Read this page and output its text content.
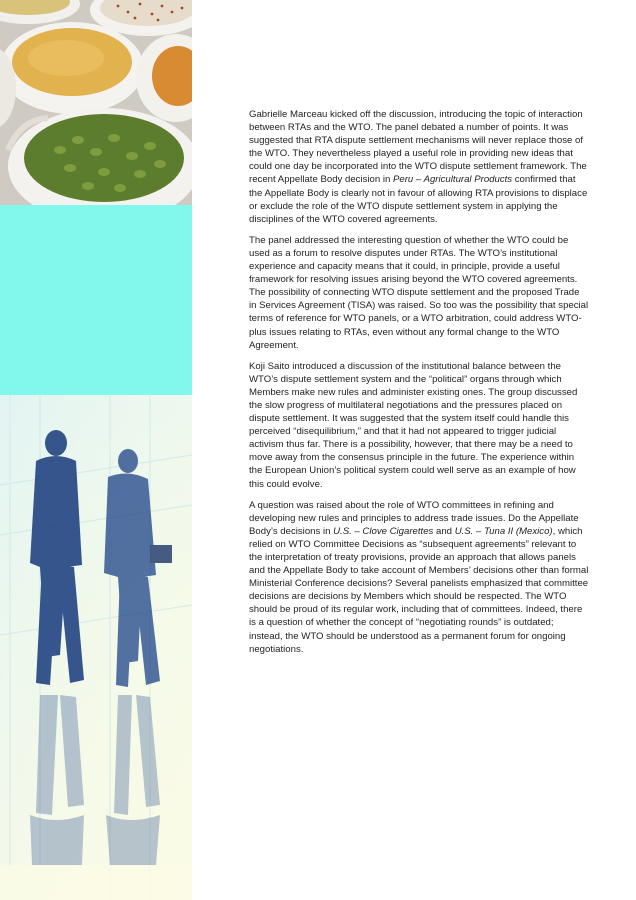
Gabrielle Marceau kicked off the discussion, introducing the topic of interaction between RTAs and the WTO. The panel debated a number of points. It was suggested that RTA dispute settlement mechanisms will never replace those of the WTO. They nevertheless played a useful role in providing new ideas that could one day be incorporated into the WTO dispute settlement framework. The recent Appellate Body decision in Peru – Agricultural Products confirmed that the Appellate Body is clearly not in favour of allowing RTA provisions to displace or exclude the role of the WTO dispute settlement system in applying the disciplines of the WTO covered agreements.

The panel addressed the interesting question of whether the WTO could be used as a forum to resolve disputes under RTAs. The WTO’s institutional experience and capacity means that it could, in principle, provide a useful framework for resolving issues arising beyond the WTO covered agreements. The possibility of connecting WTO dispute settlement and the proposed Trade in Services Agreement (TISA) was raised. So too was the possibility that special terms of reference for WTO panels, or a WTO arbitration, could address WTO-plus issues relating to RTAs, even without any formal change to the WTO Agreement.

Koji Saito introduced a discussion of the institutional balance between the WTO’s dispute settlement system and the “political” organs through which Members make new rules and administer existing ones. The group discussed the slow progress of multilateral negotiations and the pressures placed on dispute settlement. It was suggested that the system itself could handle this perceived “disequilibrium,” and that it had not appeared to trigger judicial activism thus far. There is a possibility, however, that there may be a need to move away from the consensus principle in the future. The experience within the European Union’s political system could well serve as an example of how this could evolve.

A question was raised about the role of WTO committees in refining and developing new rules and principles to address trade issues. Do the Appellate Body’s decisions in U.S. – Clove Cigarettes and U.S. – Tuna II (Mexico), which relied on WTO Committee Decisions as “subsequent agreements” relevant to the interpretation of treaty provisions, provide an approach that allows panels and the Appellate Body to take account of Members’ decisions other than formal Ministerial Conference decisions? Several panelists emphasized that committee decisions are decisions by Members which should be respected. The WTO should be proud of its regular work, including that of committees. Indeed, there is a question of whether the concept of “negotiating rounds” is outdated; instead, the WTO should be understood as a permanent forum for ongoing negotiations.
